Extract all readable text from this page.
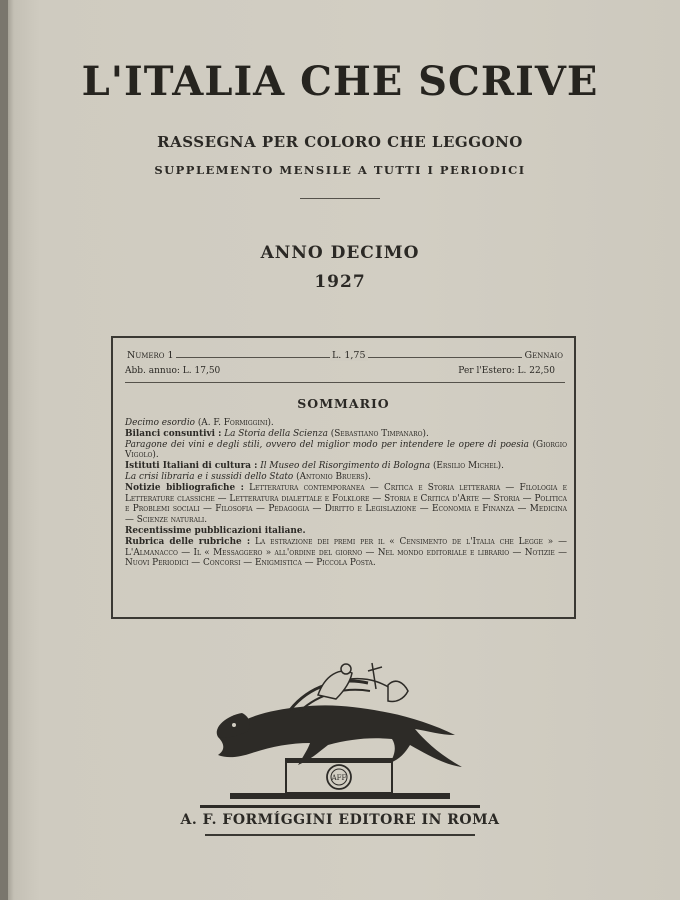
L'ITALIA CHE SCRIVE
RASSEGNA PER COLORO CHE LEGGONO
SUPPLEMENTO MENSILE A TUTTI I PERIODICI
ANNO DECIMO
1927
Numero 1	L. 1,75	Gennaio
Abb. annuo: L. 17,50	Per l'Estero: L. 22,50
SOMMARIO

Decimo esordio (A. F. Formiggini).

Bilanci consuntivi : La Storia della Scienza (Sebastiano Timpanaro).

Paragone dei vini e degli stili, ovvero del miglior modo per intendere le opere di poesia (Giorgio Vigolo).

Istituti Italiani di cultura : Il Museo del Risorgimento di Bologna (Ersilio Michel).

La crisi libraria e i sussidi dello Stato (Antonio Bruers).

Notizie bibliografiche : Letteratura contemporanea — Critica e Storia letteraria — Filologia e Letterature classiche — Letteratura dialettale e Folklore — Storia e Critica d'Arte — Storia — Politica e Problemi sociali — Filosofia — Pedagogia — Diritto e Legislazione — Economia e Finanza — Medicina — Scienze naturali.

Recentissime pubblicazioni italiane.

Rubrica delle rubriche : La estrazione dei premi per il « Censimento de l'Italia che Legge » — L'Almanacco — Il « Messaggero » all'ordine del giorno — Nel mondo editoriale e librario — Notizie — Nuovi Periodici — Concorsi — Enigmistica — Piccola Posta.

AFF
A. F. FORMÍGGINI EDITORE IN ROMA
